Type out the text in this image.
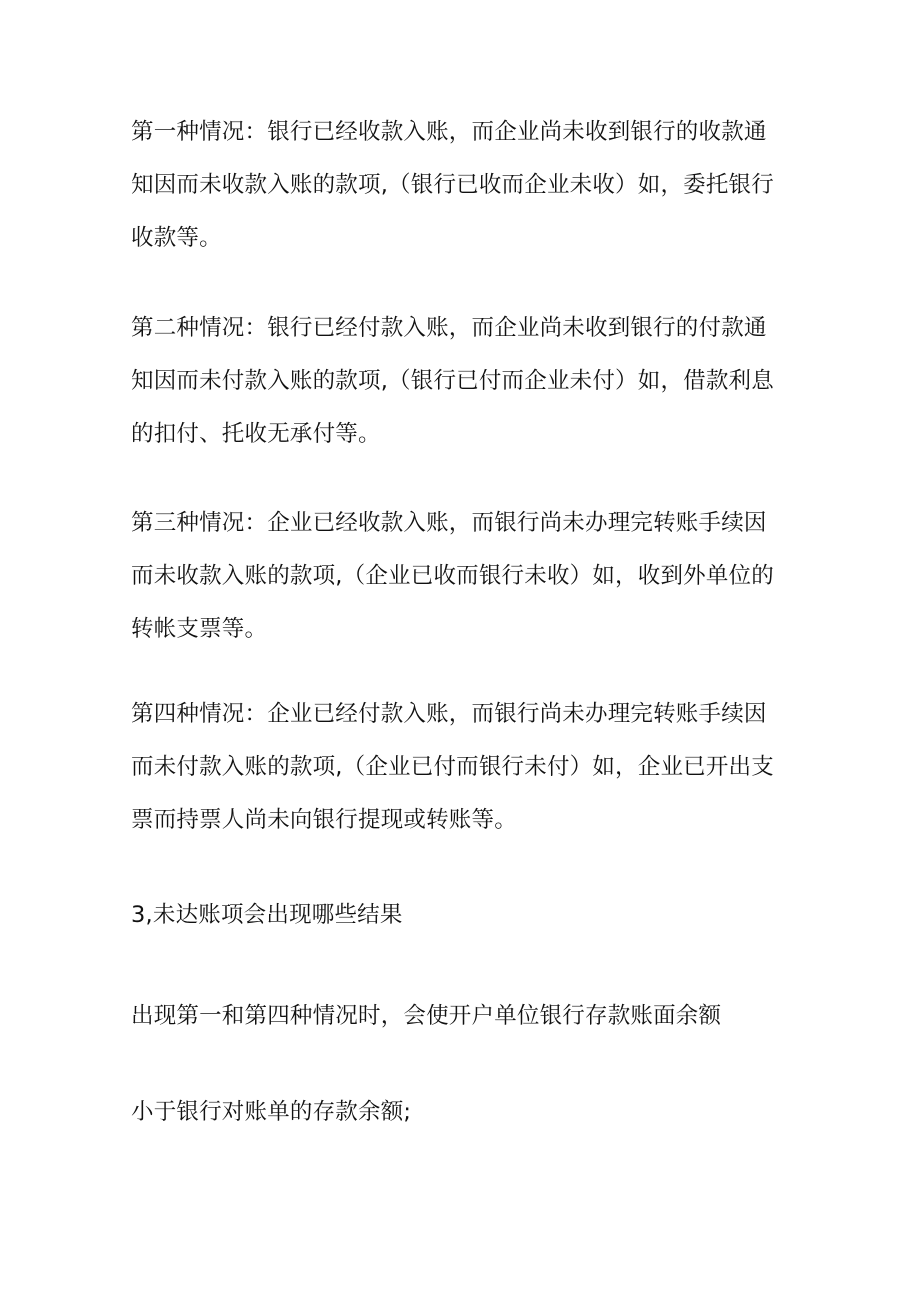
第一种情况：银行已经收款入账，而企业尚未收到银行的收款通
知因而未收款入账的款项,（银行已收而企业未收）如，委托银行
收款等。

第二种情况：银行已经付款入账，而企业尚未收到银行的付款通
知因而未付款入账的款项,（银行已付而企业未付）如，借款利息
的扣付、托收无承付等。

第三种情况：企业已经收款入账，而银行尚未办理完转账手续因
而未收款入账的款项,（企业已收而银行未收）如，收到外单位的
转帐支票等。

第四种情况：企业已经付款入账，而银行尚未办理完转账手续因
而未付款入账的款项,（企业已付而银行未付）如，企业已开出支
票而持票人尚未向银行提现或转账等。

3,未达账项会出现哪些结果

出现第一和第四种情况时，会使开户单位银行存款账面余额

小于银行对账单的存款余额;
